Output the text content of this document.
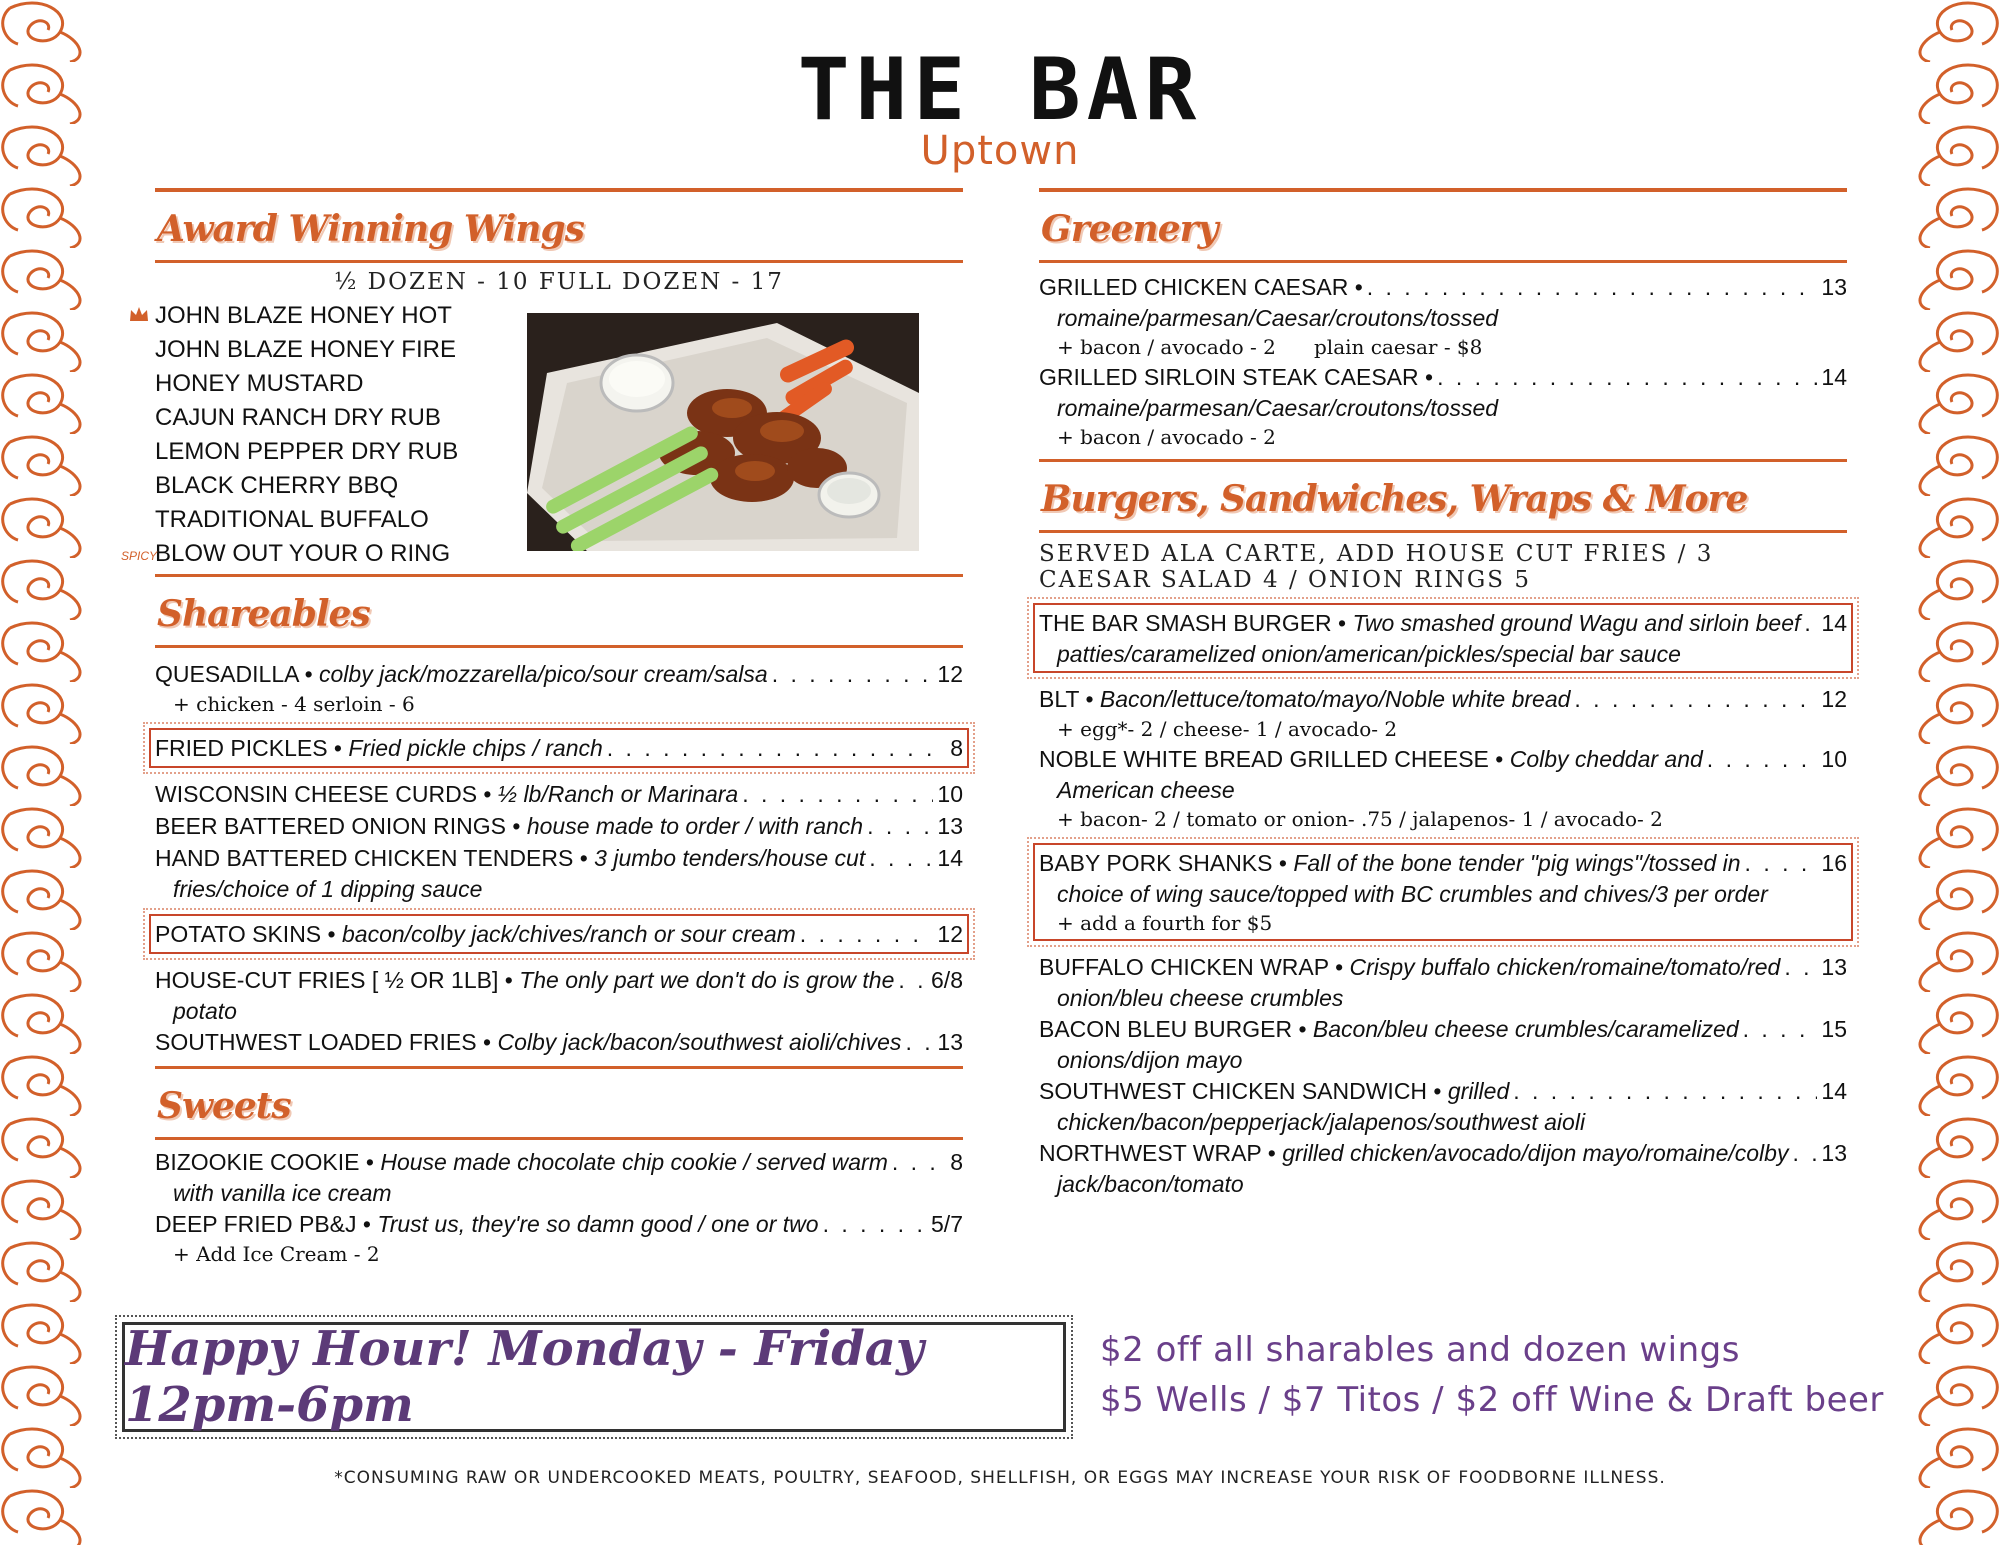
THE BAR
Uptown
Award Winning Wings
½ DOZEN - 10 FULL DOZEN - 17
JOHN BLAZE HONEY HOT
JOHN BLAZE HONEY FIRE
HONEY MUSTARD
CAJUN RANCH DRY RUB
LEMON PEPPER DRY RUB
BLACK CHERRY BBQ
TRADITIONAL BUFFALO
SPICY
BLOW OUT YOUR O RING
Shareables
QUESADILLA •
colby jack/mozzarella/pico/sour cream/salsa . . .	12
+ chicken - 4 serloin - 6
FRIED PICKLES •
Fried pickle chips / ranch . . .	8
WISCONSIN CHEESE CURDS •
½ lb/Ranch or Marinara . . .	10
BEER BATTERED ONION RINGS •
house made to order / with ranch . . .	13
HAND BATTERED CHICKEN TENDERS •
3 jumbo tenders/house cut . . .	14
fries/choice of 1 dipping sauce
POTATO SKINS •
bacon/colby jack/chives/ranch or sour cream . . .	12
HOUSE-CUT FRIES [ ½ OR 1LB] •
The only part we don't do is grow the . . . 6/8
potato
SOUTHWEST LOADED FRIES •
Colby jack/bacon/southwest aioli/chives . . . 13
Sweets
BIZOOKIE COOKIE •
House made chocolate chip cookie / served warm . . .	8
with vanilla ice cream
DEEP FRIED PB&J •
Trust us, they're so damn good / one or two . . .	5/7
+ Add Ice Cream - 2
Greenery
GRILLED CHICKEN CAESAR • . . .	13
romaine/parmesan/Caesar/croutons/tossed
+ bacon / avocado - 2      plain caesar - $8
GRILLED SIRLOIN STEAK CAESAR • . . .	14
romaine/parmesan/Caesar/croutons/tossed
+ bacon / avocado - 2
Burgers, Sandwiches, Wraps & More
SERVED ALA CARTE, ADD HOUSE CUT FRIES / 3
CAESAR SALAD 4 / ONION RINGS 5
THE BAR SMASH BURGER •
Two smashed ground Wagu and sirloin beef . . . 14
patties/caramelized onion/american/pickles/special bar sauce
BLT •
Bacon/lettuce/tomato/mayo/Noble white bread . . .	12
+ egg*- 2 / cheese- 1 / avocado- 2
NOBLE WHITE BREAD GRILLED CHEESE •
Colby cheddar and . . .	10
American cheese
+ bacon- 2 / tomato or onion- .75 / jalapenos- 1 / avocado- 2
BABY PORK SHANKS •
Fall of the bone tender "pig wings"/tossed in . . .	16
choice of wing sauce/topped with BC crumbles and chives/3 per order
+ add a fourth for $5
BUFFALO CHICKEN WRAP •
Crispy buffalo chicken/romaine/tomato/red . . . 13
onion/bleu cheese crumbles
BACON BLEU BURGER •
Bacon/bleu cheese crumbles/caramelized . . .	15
onions/dijon mayo
SOUTHWEST CHICKEN SANDWICH •
grilled . . .	14
chicken/bacon/pepperjack/jalapenos/southwest aioli
NORTHWEST WRAP •
grilled chicken/avocado/dijon mayo/romaine/colby . . . 13
jack/bacon/tomato
Happy Hour! Monday - Friday 12pm-6pm
$2 off all sharables and dozen wings
$5 Wells / $7 Titos / $2 off Wine & Draft beer
*CONSUMING RAW OR UNDERCOOKED MEATS, POULTRY, SEAFOOD, SHELLFISH, OR EGGS MAY INCREASE YOUR RISK OF FOODBORNE ILLNESS.
